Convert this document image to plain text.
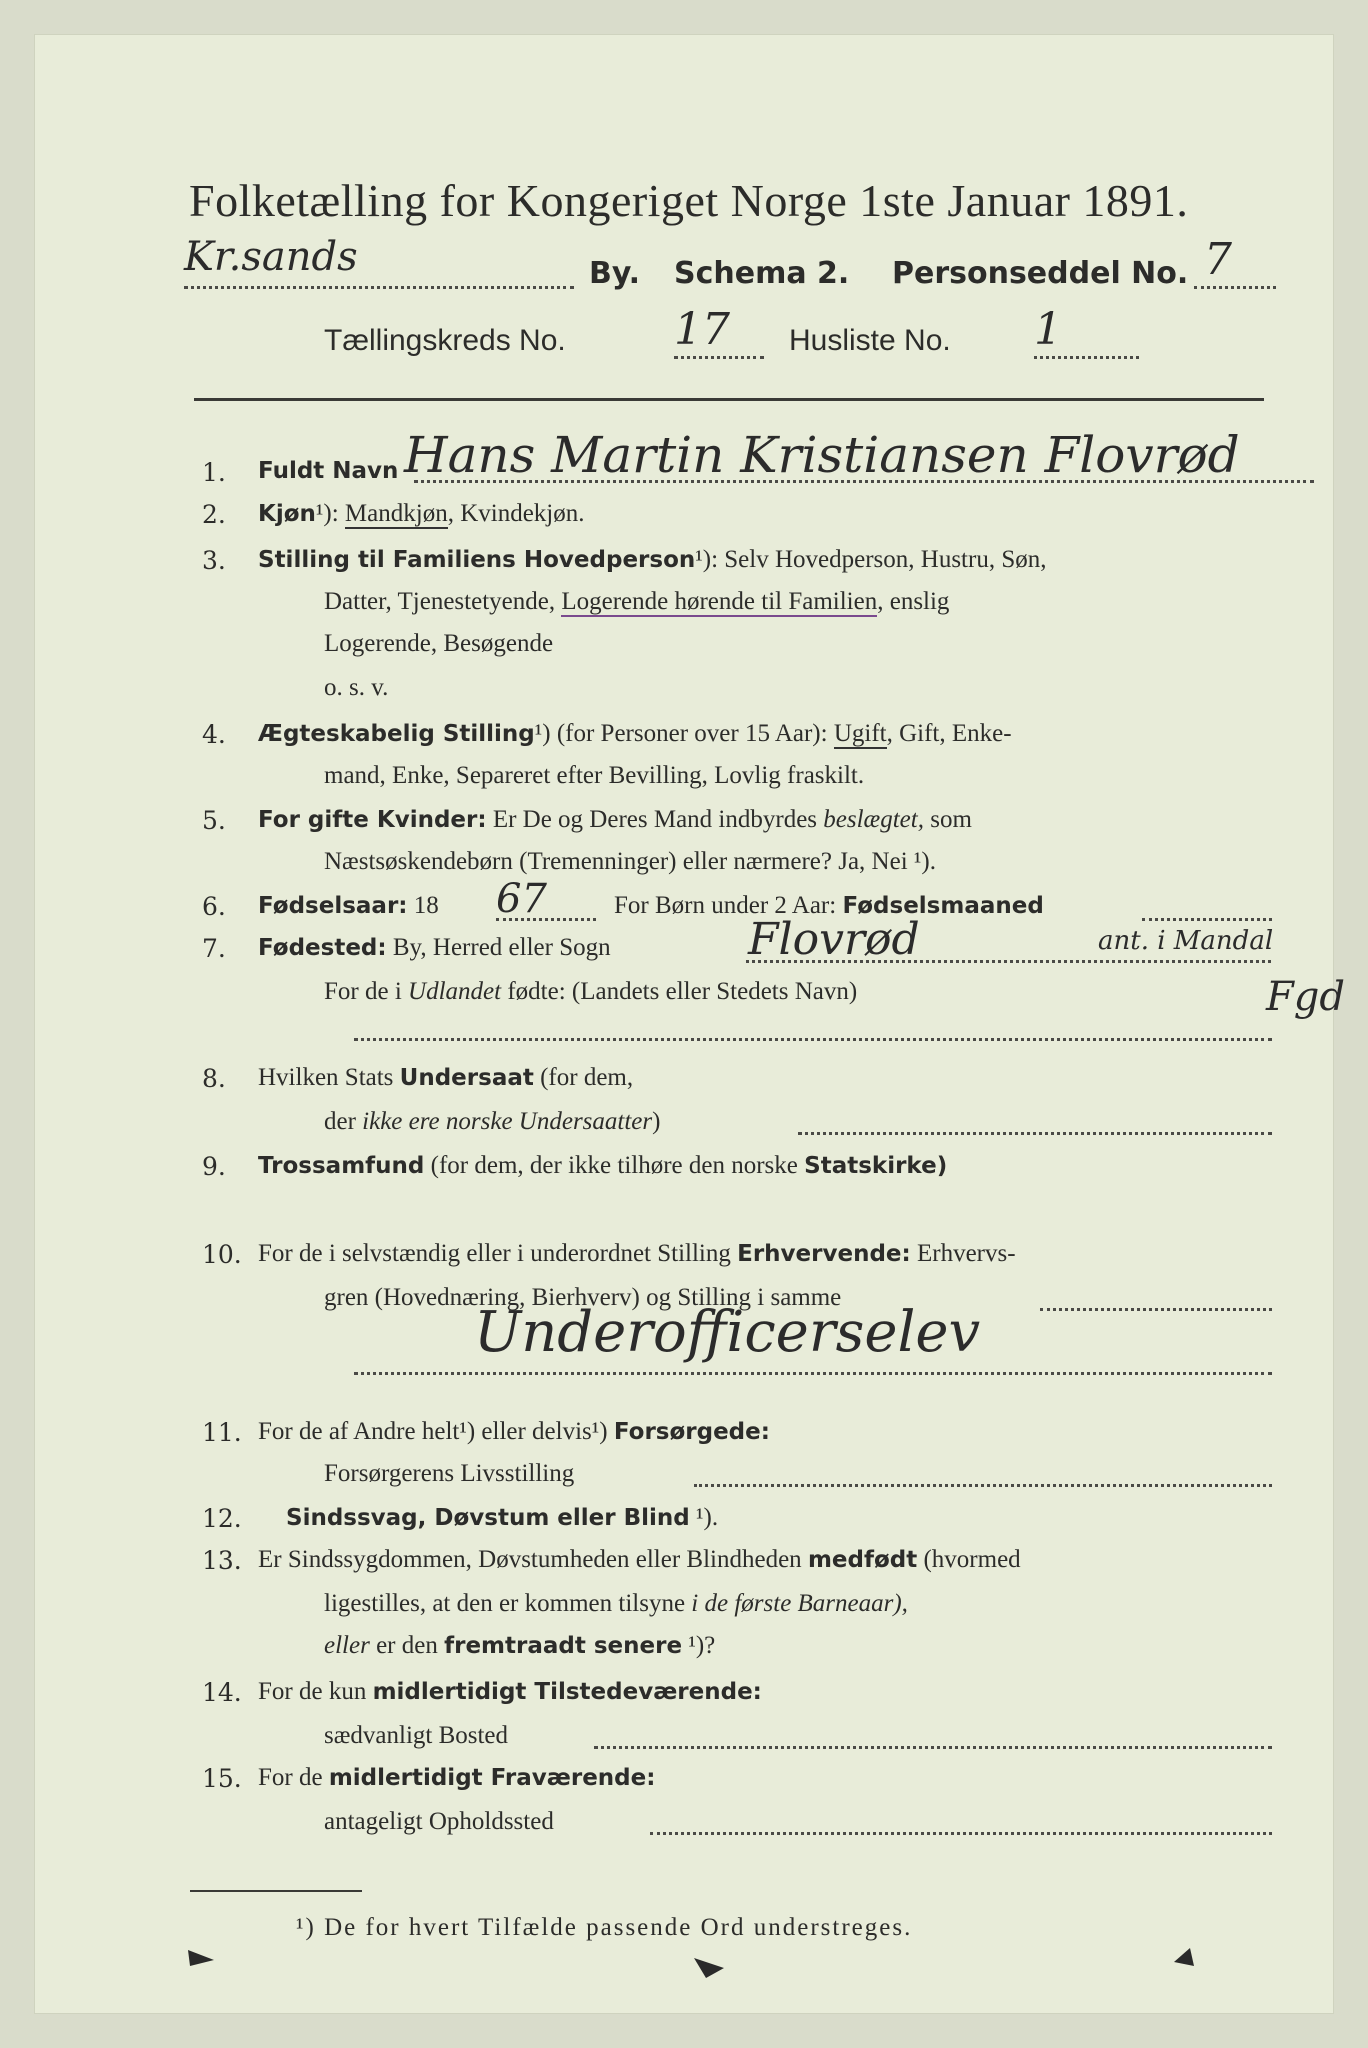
Folketælling for Kongeriget Norge 1ste Januar 1891.
Kr.sands	By. Schema 2. Personseddel No. 7
Tællingskreds No. 17 Husliste No. 1
1. Fuldt Navn Hans Martin Kristiansen Flovrød
2. Kjøn¹): Mandkjøn, Kvindekjøn.
3. Stilling til Familiens Hovedperson¹): Selv Hovedperson, Hustru, Søn,
Datter, Tjenestetyende, Logerende hørende til Familien, enslig
Logerende, Besøgende
o. s. v.
4. Ægteskabelig Stilling¹) (for Personer over 15 Aar): Ugift, Gift, Enke-
mand, Enke, Separeret efter Bevilling, Lovlig fraskilt.
5. For gifte Kvinder: Er De og Deres Mand indbyrdes beslægtet, som
Næstsøskendebørn (Tremenninger) eller nærmere? Ja, Nei ¹).
6. Fødselsaar: 18 67	For Børn under 2 Aar: Fødselsmaaned
7. Fødested: By, Herred eller Sogn	Flovrød	ant. i Mandal
For de i Udlandet fødte: (Landets eller Stedets Navn)	Fgd
8. Hvilken Stats Undersaat (for dem,
der ikke ere norske Undersaatter)
9. Trossamfund (for dem, der ikke tilhøre den norske Statskirke)
10. For de i selvstændig eller i underordnet Stilling Erhvervende: Erhvervs-
gren (Hovednæring, Bierhverv) og Stilling i samme
Underofficerselev
11. For de af Andre helt¹) eller delvis¹) Forsørgede:
Forsørgerens Livsstilling
12. Sindssvag, Døvstum eller Blind ¹).
13. Er Sindssygdommen, Døvstumheden eller Blindheden medfødt (hvormed
ligestilles, at den er kommen tilsyne i de første Barneaar),
eller er den fremtraadt senere ¹)?
14. For de kun midlertidigt Tilstedeværende:
sædvanligt Bosted
15. For de midlertidigt Fraværende:
antageligt Opholdssted
¹) De for hvert Tilfælde passende Ord understreges.
